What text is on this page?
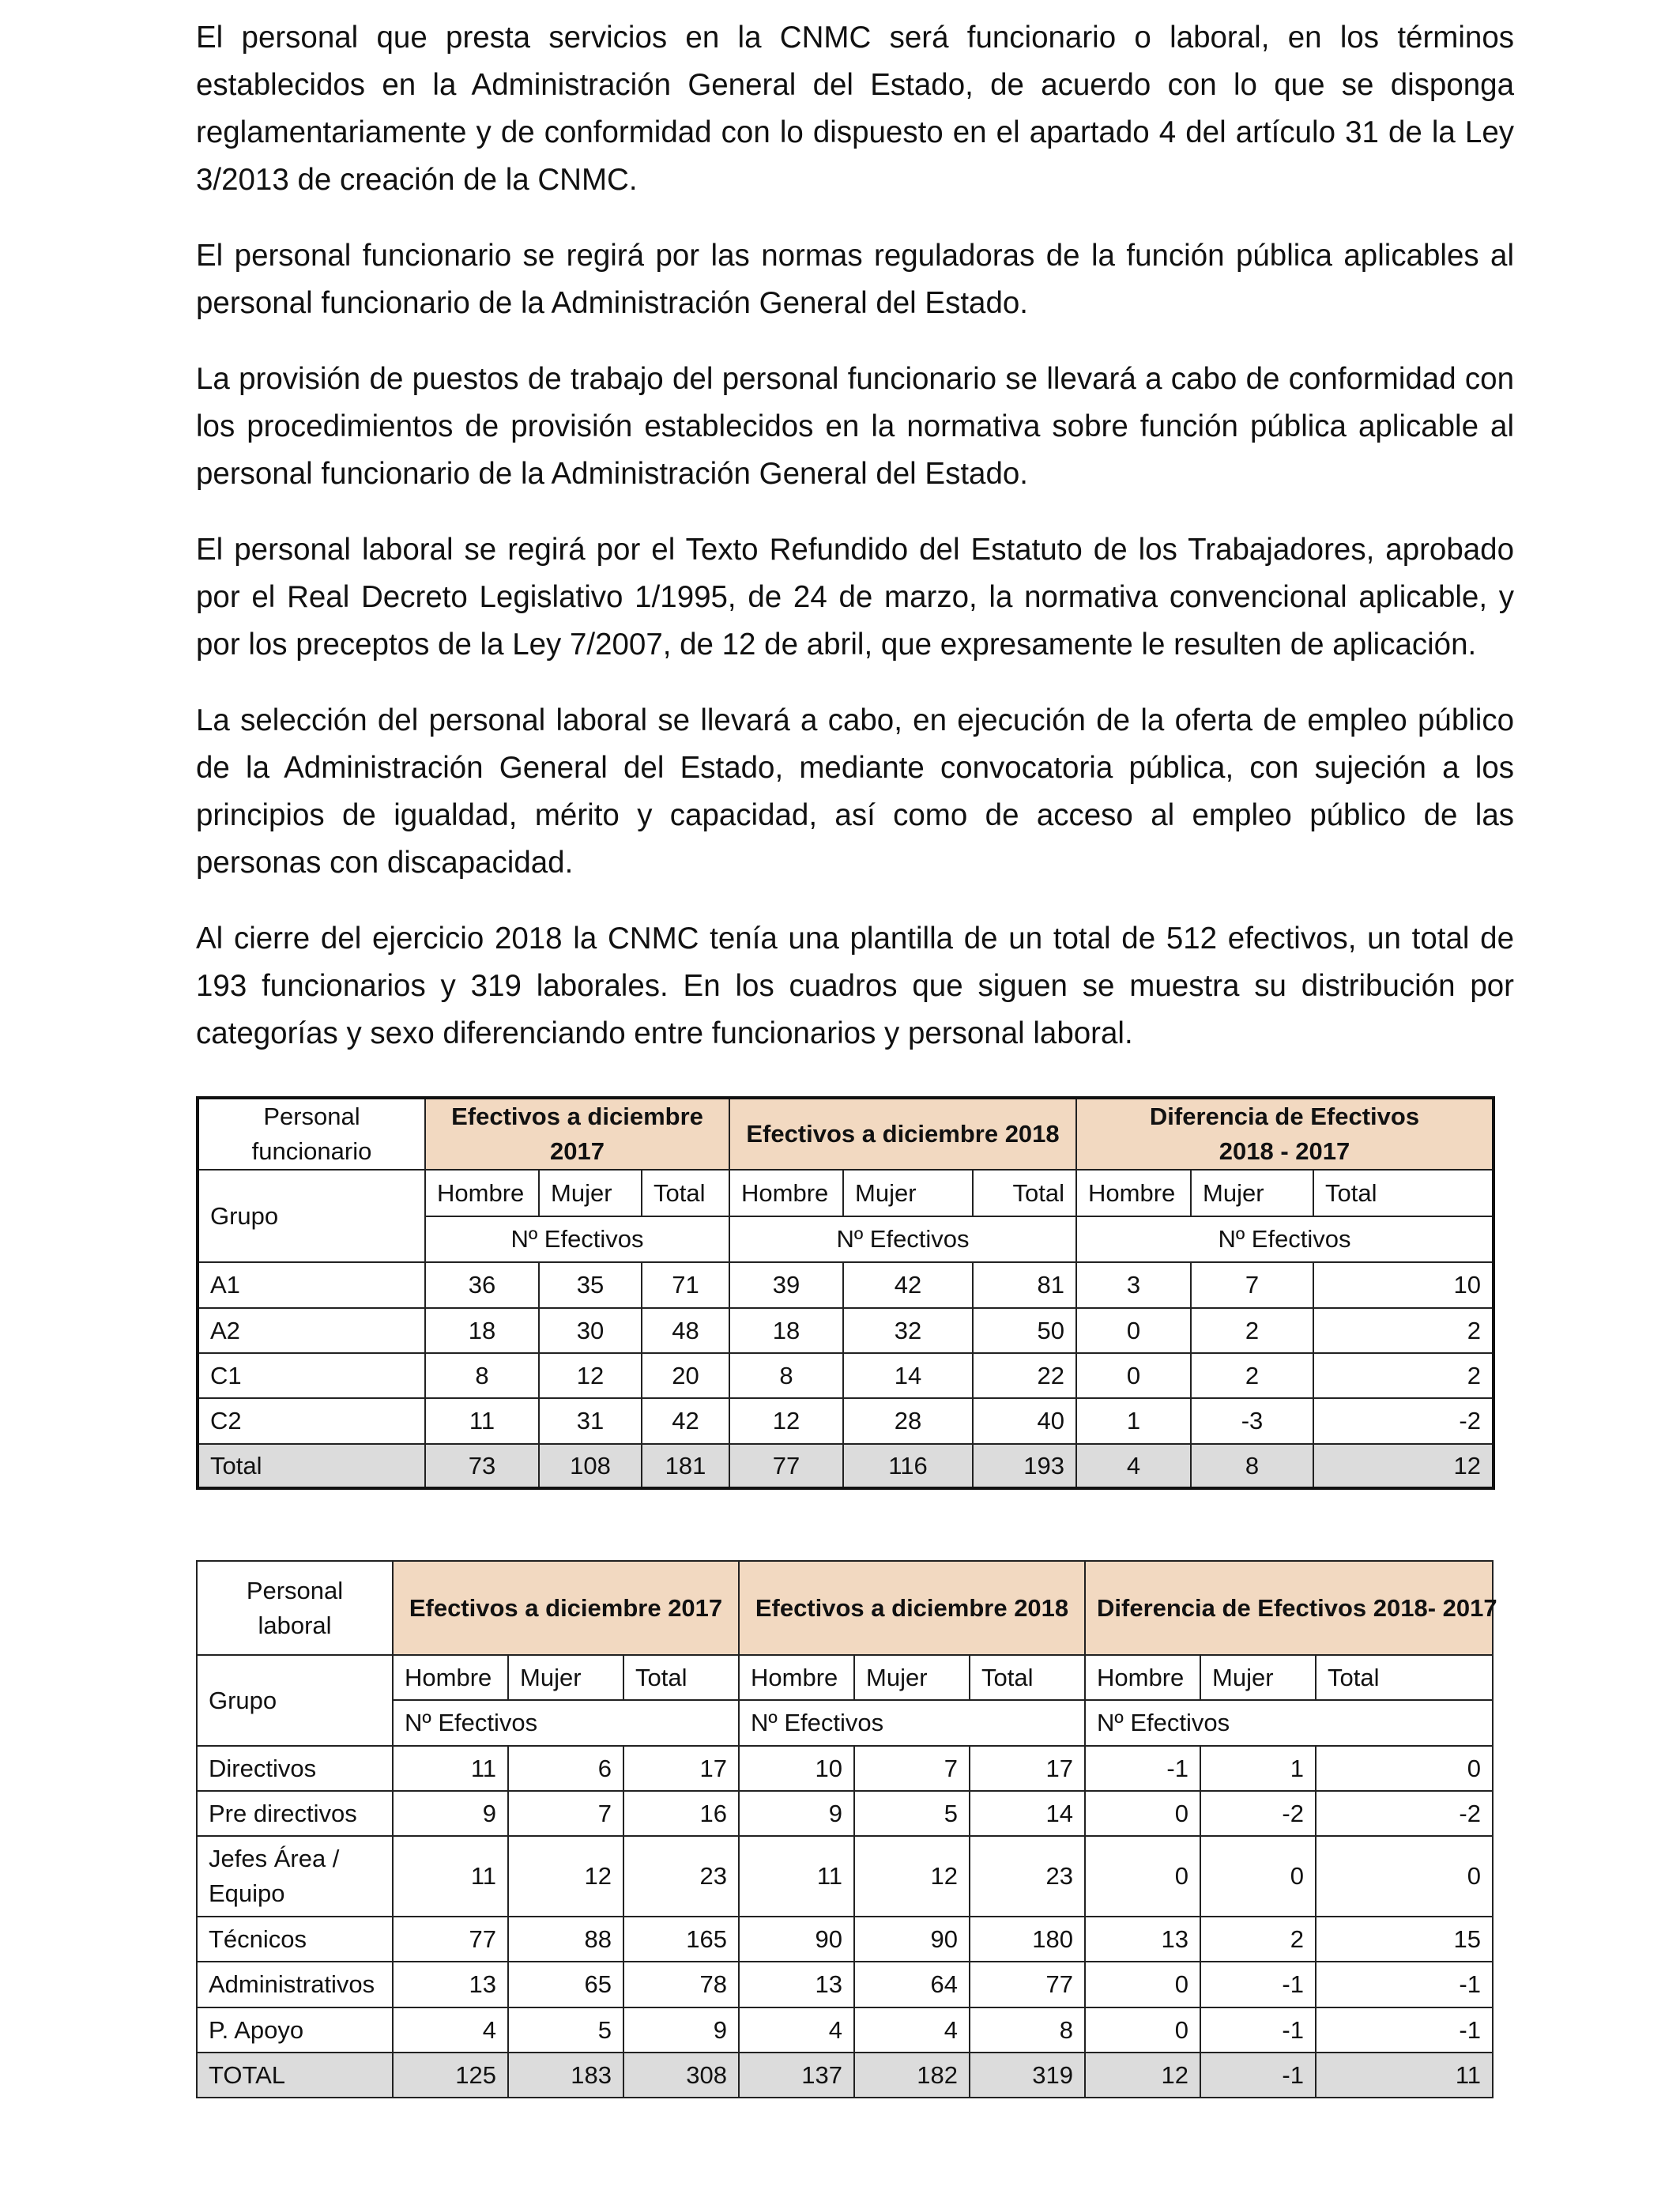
El personal que presta servicios en la CNMC será funcionario o laboral, en los términos establecidos en la Administración General del Estado, de acuerdo con lo que se disponga reglamentariamente y de conformidad con lo dispuesto en el apartado 4 del artículo 31 de la Ley 3/2013 de creación de la CNMC.

El personal funcionario se regirá por las normas reguladoras de la función pública aplicables al personal funcionario de la Administración General del Estado.

La provisión de puestos de trabajo del personal funcionario se llevará a cabo de conformidad con los procedimientos de provisión establecidos en la normativa sobre función pública aplicable al personal funcionario de la Administración General del Estado.

El personal laboral se regirá por el Texto Refundido del Estatuto de los Trabajadores, aprobado por el Real Decreto Legislativo 1/1995, de 24 de marzo, la normativa convencional aplicable, y por los preceptos de la Ley 7/2007, de 12 de abril, que expresamente le resulten de aplicación.

La selección del personal laboral se llevará a cabo, en ejecución de la oferta de empleo público de la Administración General del Estado, mediante convocatoria pública, con sujeción a los principios de igualdad, mérito y capacidad, así como de acceso al empleo público de las personas con discapacidad.

Al cierre del ejercicio 2018 la CNMC tenía una plantilla de un total de 512 efectivos, un total de 193 funcionarios y 319 laborales. En los cuadros que siguen se muestra su distribución por categorías y sexo diferenciando entre funcionarios y personal laboral.

Personal funcionario	Efectivos a diciembre 2017			Efectivos a diciembre 2018			Diferencia de Efectivos
2018 - 2017		
Grupo	Hombre	Mujer	Total	Hombre	Mujer	Total	Hombre	Mujer	Total
	Nº Efectivos			Nº Efectivos			Nº Efectivos		
A1	36	35	71	39	42	81	3	7	10
A2	18	30	48	18	32	50	0	2	2
C1	8	12	20	8	14	22	0	2	2
C2	11	31	42	12	28	40	1	-3	-2
Total	73	108	181	77	116	193	4	8	12
Personal laboral	Efectivos a diciembre 2017			Efectivos a diciembre 2018			Diferencia de Efectivos 2018- 2017		
Grupo	Hombre	Mujer	Total	Hombre	Mujer	Total	Hombre	Mujer	Total
	Nº Efectivos			Nº Efectivos			Nº Efectivos		
Directivos	11	6	17	10	7	17	-1	1	0
Pre directivos	9	7	16	9	5	14	0	-2	-2
Jefes Área / Equipo	11	12	23	11	12	23	0	0	0
Técnicos	77	88	165	90	90	180	13	2	15
Administrativos	13	65	78	13	64	77	0	-1	-1
P. Apoyo	4	5	9	4	4	8	0	-1	-1
TOTAL	125	183	308	137	182	319	12	-1	11
